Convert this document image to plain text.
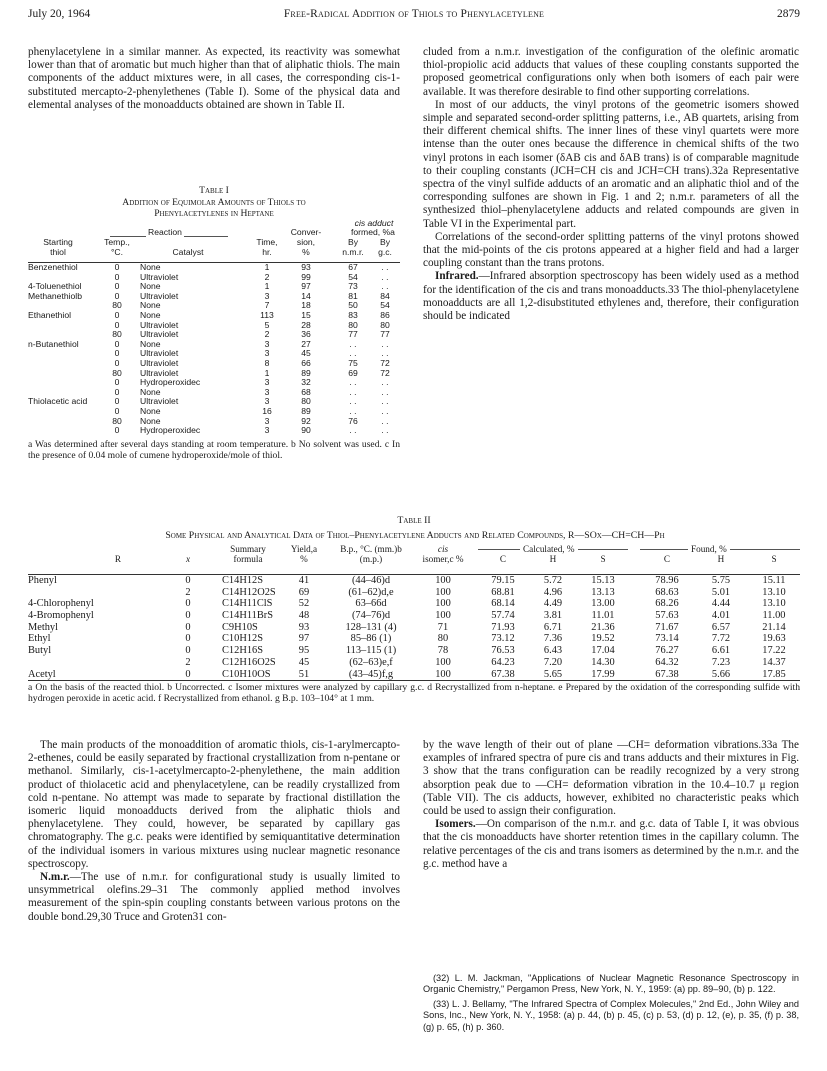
July 20, 1964	Free-Radical Addition of Thiols to Phenylacetylene	2879

phenylacetylene in a similar manner. As expected, its reactivity was somewhat lower than that of aromatic but much higher than that of aliphatic thiols. The main components of the adduct mixtures were, in all cases, the corresponding cis-1-substituted mercapto-2-phenylethenes (Table I). Some of the physical data and elemental analyses of the monoadducts obtained are shown in Table II.

Table I
Addition of Equimolar Amounts of Thiols to
Phenylacetylenes in Heptane
Reaction
cis adduct
formed, %a
Starting
thiol
Temp.,
°C.	Catalyst
Time,
hr.
Conver-
sion,
%
By
n.m.r.
By
g.c.
Benzenethiol	0	None	1	93	67	. .
0	Ultraviolet	2	99	54	. .
4-Toluenethiol	0	None	1	97	73	. .
Methanethiolb	0	Ultraviolet	3	14	81	84
80	None	7	18	50	54
Ethanethiol	0	None	113	15	83	86
0	Ultraviolet	5	28	80	80
80	Ultraviolet	2	36	77	77
n-Butanethiol	0	None	3	27	. .	. .
0	Ultraviolet	3	45	. .	. .
0	Ultraviolet	8	66	75	72
80	Ultraviolet	1	89	69	72
0	Hydroperoxidec	3	32	. .	. .
0	None	3	68	. .	. .
Thiolacetic acid	0	Ultraviolet	3	80	. .	. .
0	None	16	89	. .	. .
80	None	3	92	76	. .
0	Hydroperoxidec	3	90	. .	. .
a Was determined after several days standing at room temperature. b No solvent was used. c In the presence of 0.04 mole of cumene hydroperoxide/mole of thiol.

cluded from a n.m.r. investigation of the configuration of the olefinic aromatic thiol-propiolic acid adducts that values of these coupling constants supported the proposed geometrical configurations only when both isomers of each pair were available. It was therefore desirable to find other supporting correlations.

In most of our adducts, the vinyl protons of the geometric isomers showed simple and separated second-order splitting patterns, i.e., AB quartets, arising from their different chemical shifts. The inner lines of these vinyl quartets were more intense than the outer ones because the difference in chemical shifts of the two vinyl protons in each isomer (δAB cis and δAB trans) is of comparable magnitude to their coupling constants (JCH=CH cis and JCH=CH trans).32a Representative spectra of the vinyl sulfide adducts of an aromatic and an aliphatic thiol and of the corresponding sulfones are shown in Fig. 1 and 2; n.m.r. parameters of all the synthesized thiol–phenylacetylene adducts and related compounds are given in Table VI in the Experimental part.

Correlations of the second-order splitting patterns of the vinyl protons showed that the mid-points of the cis protons appeared at a higher field and had a larger coupling constant than the trans protons.

Infrared.—Infrared absorption spectroscopy has been widely used as a method for the identification of the cis and trans monoadducts.33 The thiol-phenylacetylene monoadducts are all 1,2-disubstituted ethylenes and, therefore, their configuration should be indicated

Table II
Some Physical and Analytical Data of Thiol–Phenylacetylene Adducts and Related Compounds, R—SOx—CH=CH—Ph
R	x
Summary
formula
Yield,a
%
B.p., °C. (mm.)b
(m.p.)
cis
isomer,c %
Calculated, %	Found, %
C	H	S	C	H	S
Phenyl	0	C14H12S	41	(44–46)d	100	79.15	5.72	15.13	78.96	5.75	15.11
2	C14H12O2S	69	(61–62)d,e	100	68.81	4.96	13.13	68.63	5.01	13.10
4-Chlorophenyl	0	C14H11ClS	52	63–66d	100	68.14	4.49	13.00	68.26	4.44	13.10
4-Bromophenyl	0	C14H11BrS	48	(74–76)d	100	57.74	3.81	11.01	57.63	4.01	11.00
Methyl	0	C9H10S	93	128–131 (4)	71	71.93	6.71	21.36	71.67	6.57	21.14
Ethyl	0	C10H12S	97	85–86 (1)	80	73.12	7.36	19.52	73.14	7.72	19.63
Butyl	0	C12H16S	95	113–115 (1)	78	76.53	6.43	17.04	76.27	6.61	17.22
2	C12H16O2S	45	(62–63)e,f	100	64.23	7.20	14.30	64.32	7.23	14.37
Acetyl	0	C10H10OS	51	(43–45)f,g	100	67.38	5.65	17.99	67.38	5.66	17.85
a On the basis of the reacted thiol. b Uncorrected. c Isomer mixtures were analyzed by capillary g.c. d Recrystallized from n-heptane. e Prepared by the oxidation of the corresponding sulfide with hydrogen peroxide in acetic acid. f Recrystallized from ethanol. g B.p. 103–104° at 1 mm.

The main products of the monoaddition of aromatic thiols, cis-1-arylmercapto-2-ethenes, could be easily separated by fractional crystallization from n-pentane or methanol. Similarly, cis-1-acetylmercapto-2-phenylethene, the main addition product of thiolacetic acid and phenylacetylene, can be readily crystallized from cold n-pentane. No attempt was made to separate by fractional distillation the isomeric liquid monoadducts derived from the aliphatic thiols and phenylacetylene. They could, however, be separated by capillary gas chromatography. The g.c. peaks were identified by semiquantitative determination of the individual isomers in various mixtures using nuclear magnetic resonance spectroscopy.

N.m.r.—The use of n.m.r. for configurational study is usually limited to unsymmetrical olefins.29–31 The commonly applied method involves measurement of the spin-spin coupling constants between various protons on the double bond.29,30 Truce and Groten31 con-

by the wave length of their out of plane —CH= deformation vibrations.33a The examples of infrared spectra of pure cis and trans adducts and their mixtures in Fig. 3 show that the trans configuration can be readily recognized by a very strong absorption peak due to —CH= deformation vibration in the 10.4–10.7 μ region (Table VII). The cis adducts, however, exhibited no characteristic peaks which could be used to assign their configuration.

Isomers.—On comparison of the n.m.r. and g.c. data of Table I, it was obvious that the cis monoadducts have shorter retention times in the capillary column. The relative percentages of the cis and trans isomers as determined by the n.m.r. and the g.c. method have a

(32) L. M. Jackman, "Applications of Nuclear Magnetic Resonance Spectroscopy in Organic Chemistry," Pergamon Press, New York, N. Y., 1959: (a) pp. 89–90, (b) p. 122.

(33) L. J. Bellamy, "The Infrared Spectra of Complex Molecules," 2nd Ed., John Wiley and Sons, Inc., New York, N. Y., 1958: (a) p. 44, (b) p. 45, (c) p. 53, (d) p. 12, (e), p. 35, (f) p. 38, (g) p. 65, (h) p. 360.
